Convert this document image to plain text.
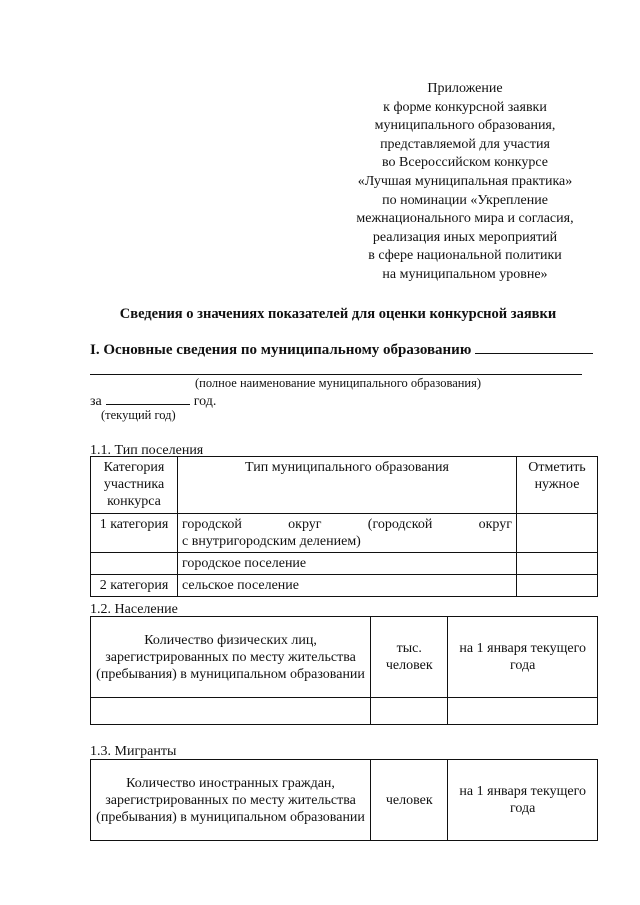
Приложение
к форме конкурсной заявки
муниципального образования,
представляемой для участия
во Всероссийском конкурсе
«Лучшая муниципальная практика»
по номинации «Укрепление
межнационального мира и согласия,
реализация иных мероприятий
в сфере национальной политики
на муниципальном уровне»
Сведения о значениях показателей для оценки конкурсной заявки
I. Основные сведения по муниципальному образованию
(полное наименование муниципального образования)
за	год.
(текущий год)
1.1. Тип поселения
Категория участника конкурса	Тип муниципального образования	Отметить нужное
1 категория	городской округ (городской округ
с внутригородским делением)	

	городское поселение	
2 категория	сельское поселение	
1.2. Население
Количество физических лиц, зарегистрированных по месту жительства (пребывания) в муниципальном образовании	тыс. человек	на 1 января текущего года

1.3. Мигранты
Количество иностранных граждан, зарегистрированных по месту жительства (пребывания) в муниципальном образовании	человек	на 1 января текущего года
